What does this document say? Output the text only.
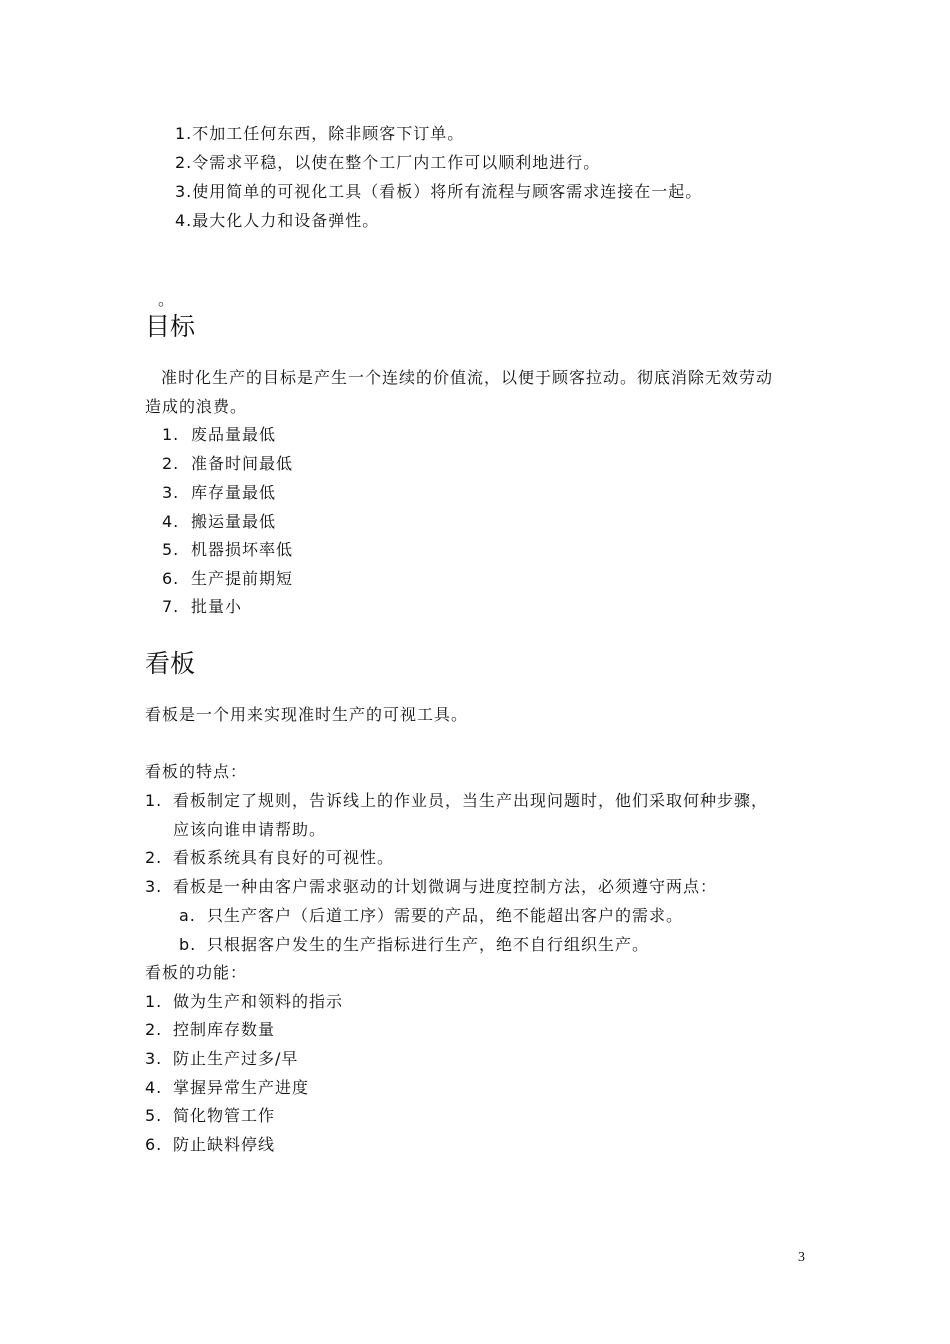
1.不加工任何东西，除非顾客下订单。
2.令需求平稳，以使在整个工厂内工作可以顺利地进行。
3.使用简单的可视化工具（看板）将所有流程与顾客需求连接在一起。
4.最大化人力和设备弹性。
。
目标
准时化生产的目标是产生一个连续的价值流，以便于顾客拉动。彻底消除无效劳动
造成的浪费。
1. 废品量最低
2. 准备时间最低
3. 库存量最低
4. 搬运量最低
5. 机器损坏率低
6. 生产提前期短
7. 批量小
看板
看板是一个用来实现准时生产的可视工具。
看板的特点：
1. 看板制定了规则，告诉线上的作业员，当生产出现问题时，他们采取何种步骤，
应该向谁申请帮助。
2. 看板系统具有良好的可视性。
3. 看板是一种由客户需求驱动的计划微调与进度控制方法，必须遵守两点：
a. 只生产客户（后道工序）需要的产品，绝不能超出客户的需求。
b. 只根据客户发生的生产指标进行生产，绝不自行组织生产。
看板的功能：
1. 做为生产和领料的指示
2. 控制库存数量
3. 防止生产过多/早
4. 掌握异常生产进度
5. 简化物管工作
6. 防止缺料停线
3
